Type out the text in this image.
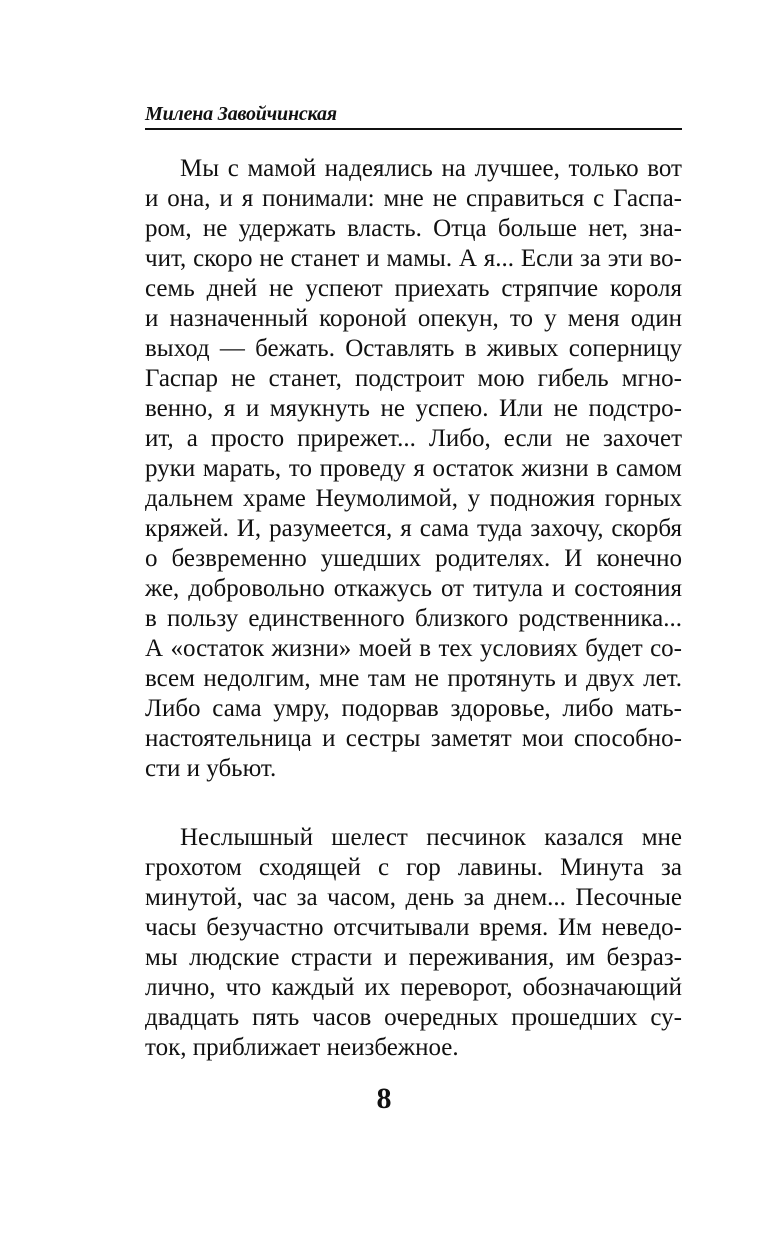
Милена Завойчинская
Мы с мамой надеялись на лучшее, только вот
и она, и я понимали: мне не справиться с Гаспа-
ром, не удержать власть. Отца больше нет, зна-
чит, скоро не станет и мамы. А я... Если за эти во-
семь дней не успеют приехать стряпчие короля
и назначенный короной опекун, то у меня один
выход — бежать. Оставлять в живых соперницу
Гаспар не станет, подстроит мою гибель мгно-
венно, я и мяукнуть не успею. Или не подстро-
ит, а просто прирежет... Либо, если не захочет
руки марать, то проведу я остаток жизни в самом
дальнем храме Неумолимой, у подножия горных
кряжей. И, разумеется, я сама туда захочу, скорбя
о безвременно ушедших родителях. И конечно
же, добровольно откажусь от титула и состояния
в пользу единственного близкого родственника...
А «остаток жизни» моей в тех условиях будет со-
всем недолгим, мне там не протянуть и двух лет.
Либо сама умру, подорвав здоровье, либо мать-
настоятельница и сестры заметят мои способно-
сти и убьют.
Неслышный шелест песчинок казался мне
грохотом сходящей с гор лавины. Минута за
минутой, час за часом, день за днем... Песочные
часы безучастно отсчитывали время. Им неведо-
мы людские страсти и переживания, им безраз-
лично, что каждый их переворот, обозначающий
двадцать пять часов очередных прошедших су-
ток, приближает неизбежное.
8
